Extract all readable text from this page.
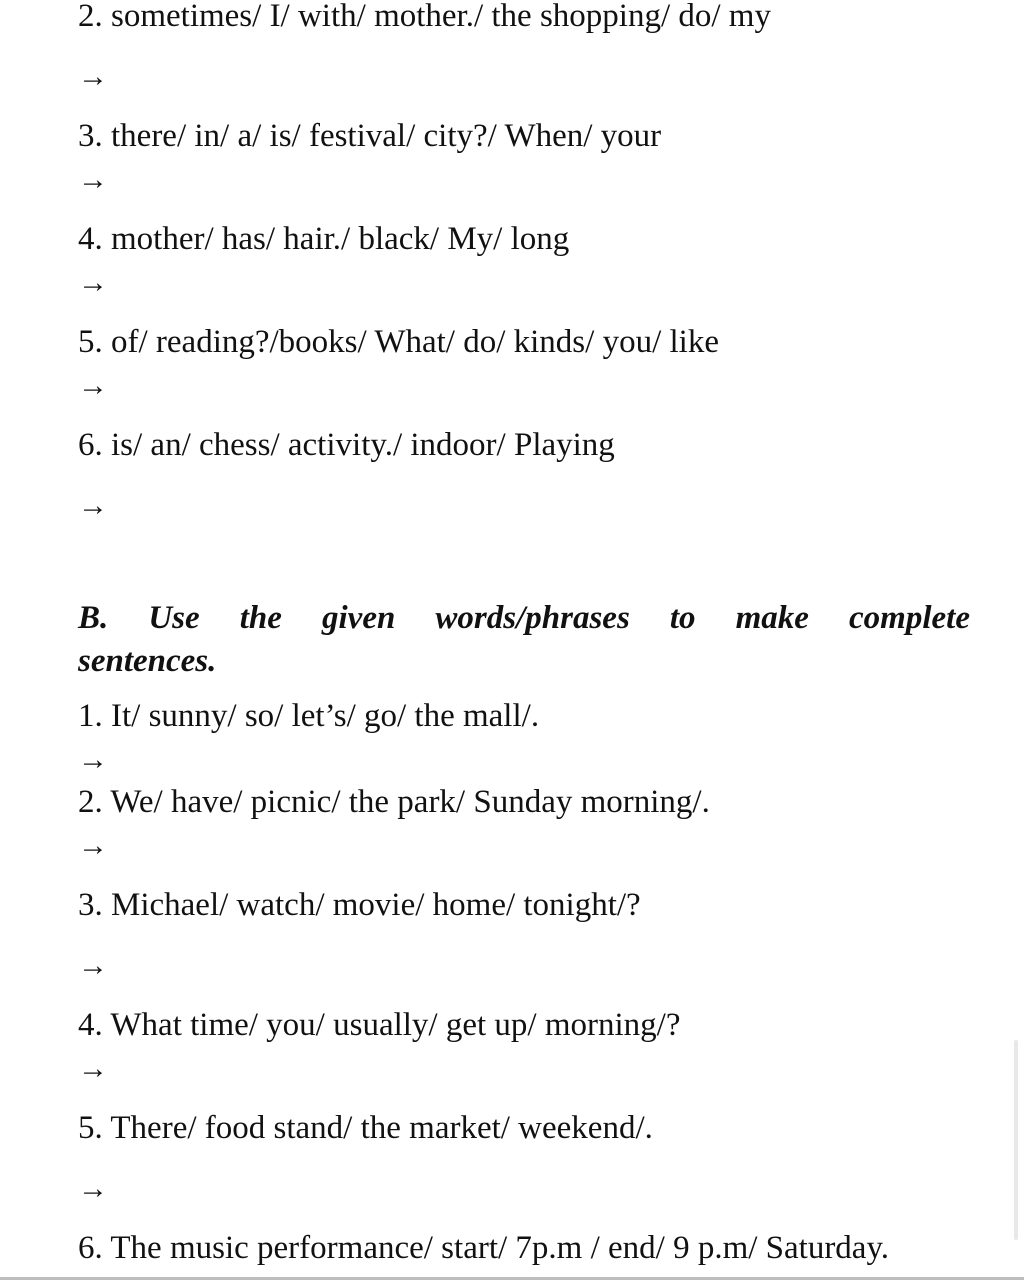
2. sometimes/ I/ with/ mother./ the shopping/ do/ my
→
3. there/ in/ a/ is/ festival/ city?/ When/ your
→
4. mother/ has/ hair./ black/ My/ long
→
5. of/ reading?/books/ What/ do/ kinds/ you/ like
→
6. is/ an/ chess/ activity./ indoor/ Playing
→
B. Use the given words/phrases to make complete
sentences.
1. It/ sunny/ so/ let’s/ go/ the mall/.
→
2. We/ have/ picnic/ the park/ Sunday morning/.
→
3. Michael/ watch/ movie/ home/ tonight/?
→
4. What time/ you/ usually/ get up/ morning/?
→
5. There/ food stand/ the market/ weekend/.
→
6. The music performance/ start/ 7p.m / end/ 9 p.m/ Saturday.
